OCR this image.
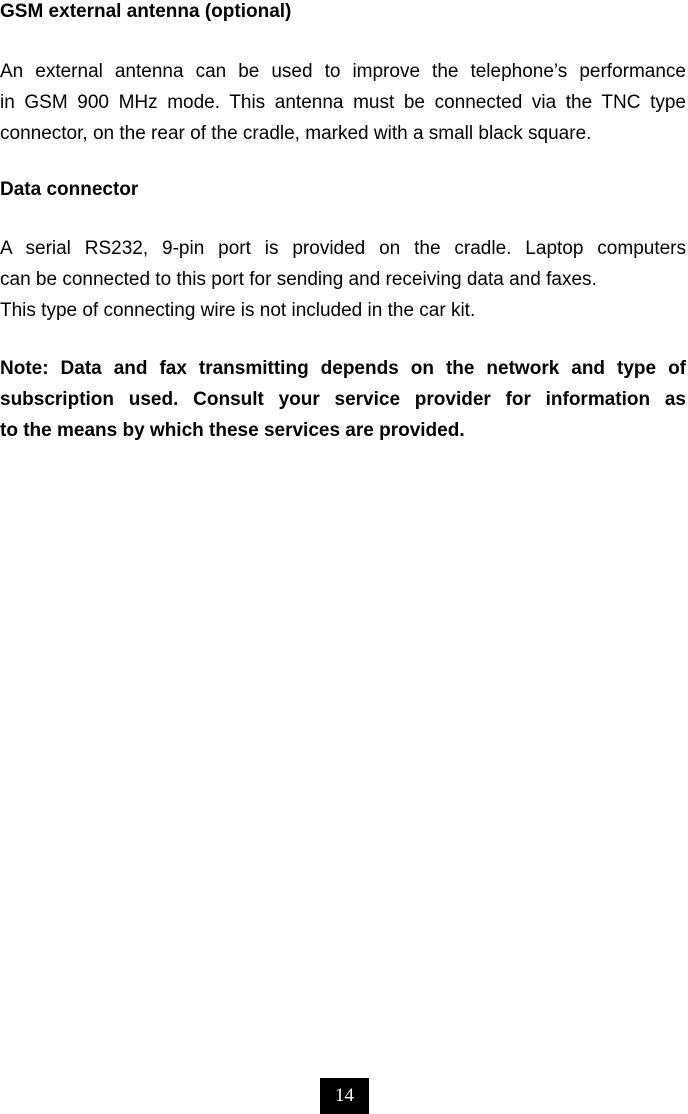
GSM external antenna (optional)
An external antenna can be used to improve the telephone’s performance
in GSM 900 MHz mode. This antenna must be connected via the TNC type
connector, on the rear of the cradle, marked with a small black square.
Data connector
A serial RS232, 9-pin port is provided on the cradle. Laptop computers
can be connected to this port for sending and receiving data and faxes.
This type of connecting wire is not included in the car kit.
Note: Data and fax transmitting depends on the network and type of
subscription used. Consult your service provider for information as
to the means by which these services are provided.
14
